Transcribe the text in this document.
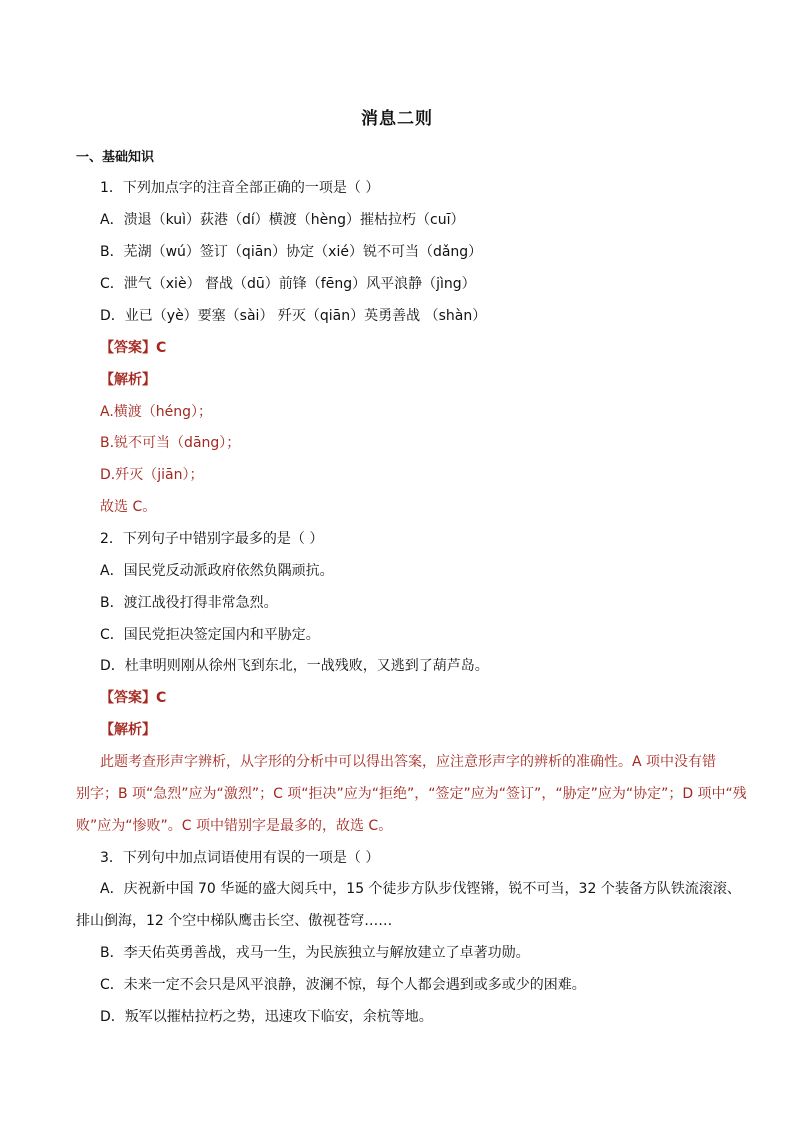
消息二则
一、基础知识
1．下列加点字的注音全部正确的一项是（ ）
A．溃退（kuì）荻港（dí）横渡（hèng）摧枯拉朽（cuī）
B．芜湖（wú）签订（qiān）协定（xié）锐不可当（dǎng）
C．泄气（xiè） 督战（dū）前锋（fēng）风平浪静（jìng）
D．业已（yè）要塞（sài） 歼灭（qiān）英勇善战 （shàn）
【答案】C
【解析】
A.横渡（héng）；
B.锐不可当（dāng）；
D.歼灭（jiān）；
故选 C。
2．下列句子中错别字最多的是（ ）
A．国民党反动派政府依然负隅顽抗。
B．渡江战役打得非常急烈。
C．国民党拒决签定国内和平胁定。
D．杜聿明则刚从徐州飞到东北，一战残败，又逃到了葫芦岛。
【答案】C
【解析】
此题考查形声字辨析，从字形的分析中可以得出答案，应注意形声字的辨析的准确性。A 项中没有错
别字；B 项“急烈”应为“激烈”；C 项“拒决”应为“拒绝”，“签定”应为“签订”，“胁定”应为“协定”；D 项中“残
败”应为“惨败”。C 项中错别字是最多的，故选 C。
3．下列句中加点词语使用有误的一项是（ ）
A．庆祝新中国 70 华诞的盛大阅兵中，15 个徒步方队步伐铿锵，锐不可当，32 个装备方队铁流滚滚、
排山倒海，12 个空中梯队鹰击长空、傲视苍穹……
B．李天佑英勇善战，戎马一生，为民族独立与解放建立了卓著功勋。
C．未来一定不会只是风平浪静，波澜不惊，每个人都会遇到或多或少的困难。
D．叛军以摧枯拉朽之势，迅速攻下临安，余杭等地。
